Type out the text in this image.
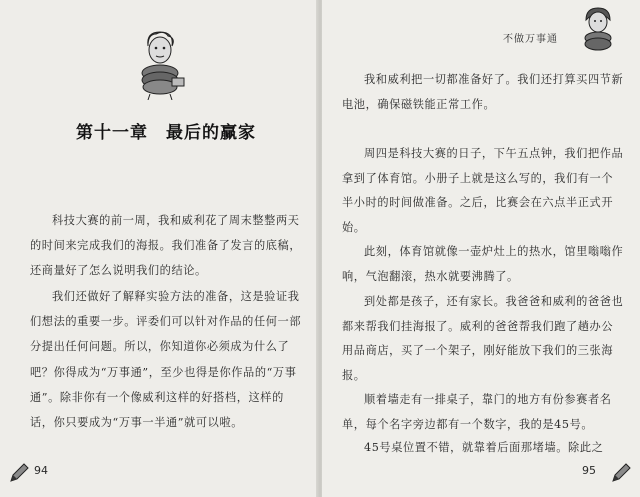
第十一章 最后的赢家

科技大赛的前一周，我和威利花了周末整整两天的时间来完成我们的海报。我们准备了发言的底稿，还商量好了怎么说明我们的结论。

我们还做好了解释实验方法的准备，这是验证我们想法的重要一步。评委们可以针对作品的任何一部分提出任何问题。所以，你知道你必须成为什么了吧？你得成为“万事通”，至少也得是你作品的“万事通”。除非你有一个像威利这样的好搭档，这样的话，你只要成为“万事一半通”就可以啦。

94
不做万事通

我和威利把一切都准备好了。我们还打算买四节新电池，确保磁铁能正常工作。

周四是科技大赛的日子，下午五点钟，我们把作品拿到了体育馆。小册子上就是这么写的，我们有一个半小时的时间做准备。之后，比赛会在六点半正式开始。

此刻，体育馆就像一壶炉灶上的热水，馆里嗡嗡作响，气泡翻滚，热水就要沸腾了。

到处都是孩子，还有家长。我爸爸和威利的爸爸也都来帮我们挂海报了。威利的爸爸帮我们跑了趟办公用品商店，买了一个架子，刚好能放下我们的三张海报。

顺着墙走有一排桌子，靠门的地方有份参赛者名单，每个名字旁边都有一个数字，我的是45号。

45号桌位置不错，就靠着后面那堵墙。除此之

95
